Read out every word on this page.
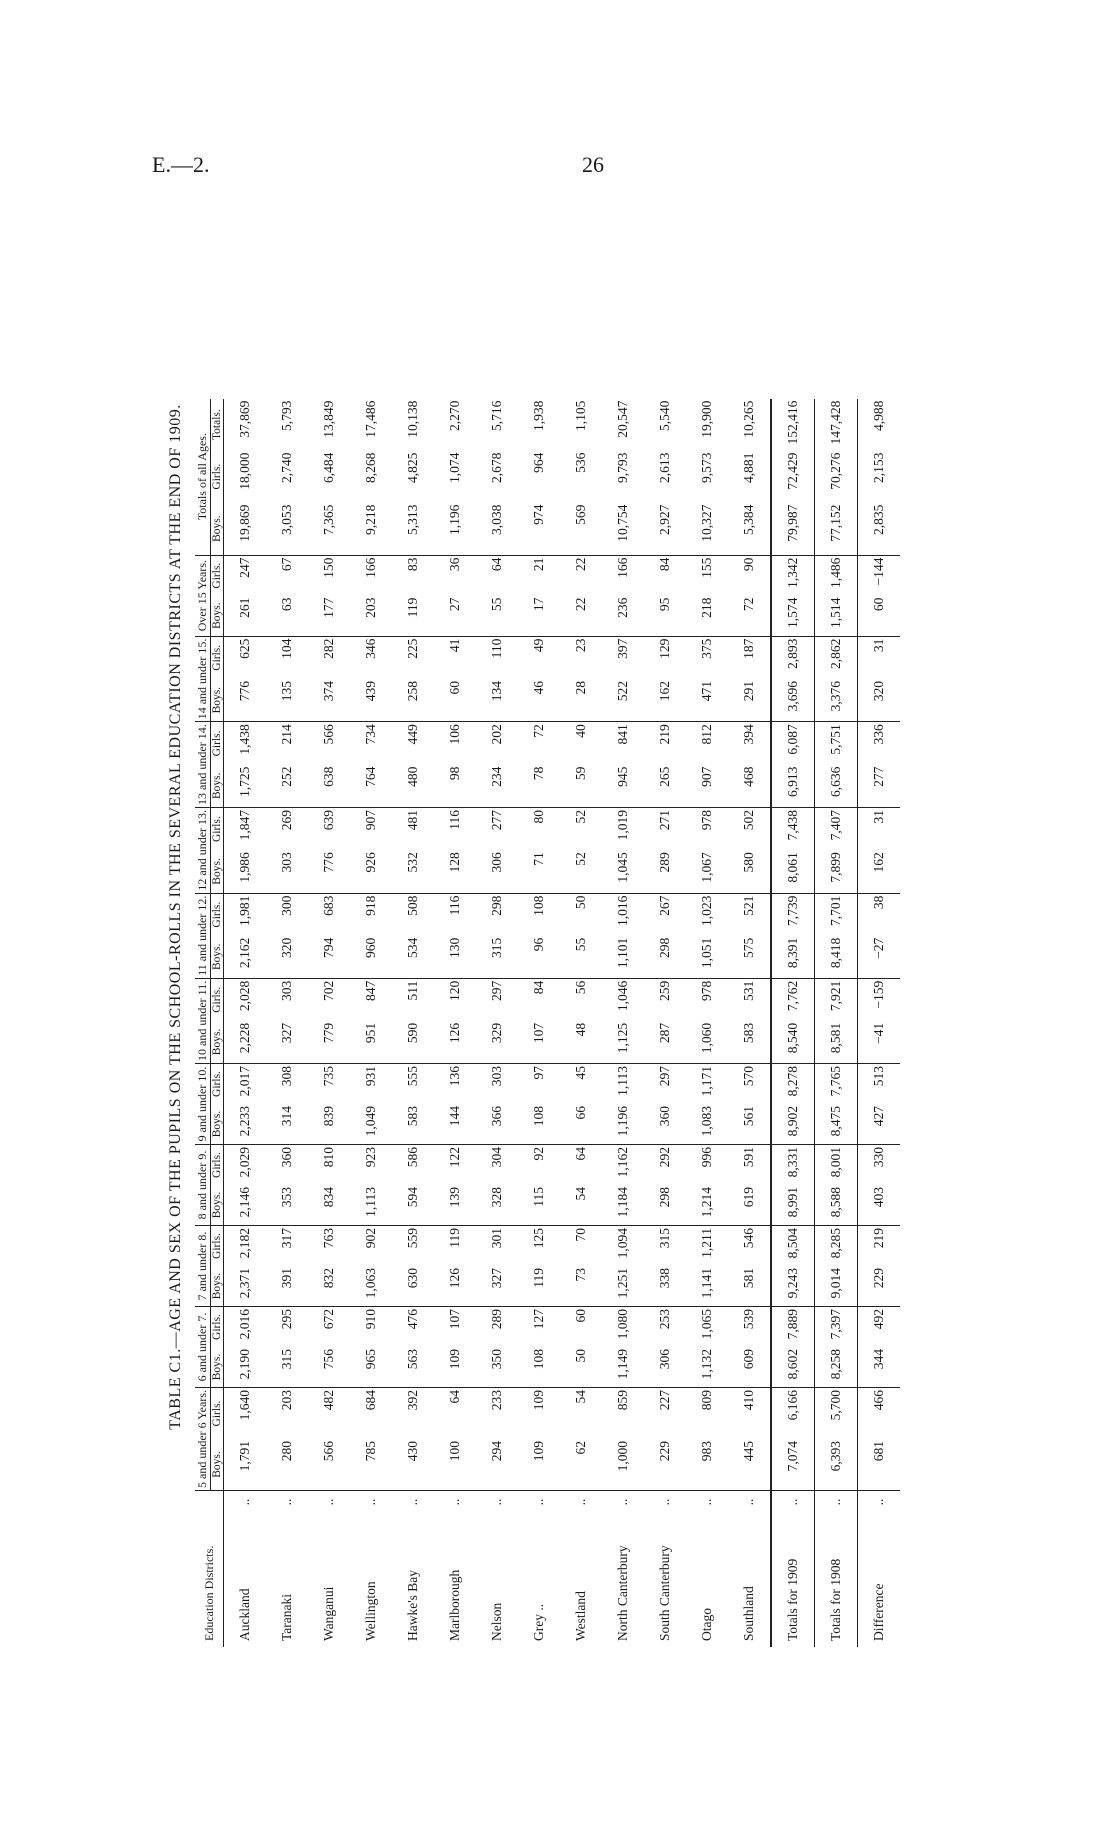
E.—2.	26
TABLE C1.—AGE AND SEX OF THE PUPILS ON THE SCHOOL-ROLLS IN THE SEVERAL EDUCATION DISTRICTS AT THE END OF 1909.
Education Districts.		5 and under 6 Years.		6 and under 7.		7 and under 8.		8 and under 9.		9 and under 10.		10 and under 11.		11 and under 12.		12 and under 13.		13 and under 14.		14 and under 15.		Over 15 Years.		Totals of all Ages.		
		Boys.	Girls.	Boys.	Girls.	Boys.	Girls.	Boys.	Girls.	Boys.	Girls.	Boys.	Girls.	Boys.	Girls.	Boys.	Girls.	Boys.	Girls.	Boys.	Girls.	Boys.	Girls.	Boys.	Girls.	Totals.
Auckland	..	1,791	1,640	2,190	2,016	2,371	2,182	2,146	2,029	2,233	2,017	2,228	2,028	2,162	1,981	1,986	1,847	1,725	1,438	776	625	261	247	19,869	18,000	37,869
Taranaki	..	280	203	315	295	391	317	353	360	314	308	327	303	320	300	303	269	252	214	135	104	63	67	3,053	2,740	5,793
Wanganui	..	566	482	756	672	832	763	834	810	839	735	779	702	794	683	776	639	638	566	374	282	177	150	7,365	6,484	13,849
Wellington	..	785	684	965	910	1,063	902	1,113	923	1,049	931	951	847	960	918	926	907	764	734	439	346	203	166	9,218	8,268	17,486
Hawke's Bay	..	430	392	563	476	630	559	594	586	583	555	590	511	534	508	532	481	480	449	258	225	119	83	5,313	4,825	10,138
Marlborough	..	100	64	109	107	126	119	139	122	144	136	126	120	130	116	128	116	98	106	60	41	27	36	1,196	1,074	2,270
Nelson	..	294	233	350	289	327	301	328	304	366	303	329	297	315	298	306	277	234	202	134	110	55	64	3,038	2,678	5,716
Grey ..	..	109	109	108	127	119	125	115	92	108	97	107	84	96	108	71	80	78	72	46	49	17	21	974	964	1,938
Westland	..	62	54	50	60	73	70	54	64	66	45	48	56	55	50	52	52	59	40	28	23	22	22	569	536	1,105
North Canterbury	..	1,000	859	1,149	1,080	1,251	1,094	1,184	1,162	1,196	1,113	1,125	1,046	1,101	1,016	1,045	1,019	945	841	522	397	236	166	10,754	9,793	20,547
South Canterbury	..	229	227	306	253	338	315	298	292	360	297	287	259	298	267	289	271	265	219	162	129	95	84	2,927	2,613	5,540
Otago	..	983	809	1,132	1,065	1,141	1,211	1,214	996	1,083	1,171	1,060	978	1,051	1,023	1,067	978	907	812	471	375	218	155	10,327	9,573	19,900
Southland	..	445	410	609	539	581	546	619	591	561	570	583	531	575	521	580	502	468	394	291	187	72	90	5,384	4,881	10,265
Totals for 1909	..	7,074	6,166	8,602	7,889	9,243	8,504	8,991	8,331	8,902	8,278	8,540	7,762	8,391	7,739	8,061	7,438	6,913	6,087	3,696	2,893	1,574	1,342	79,987	72,429	152,416
Totals for 1908	..	6,393	5,700	8,258	7,397	9,014	8,285	8,588	8,001	8,475	7,765	8,581	7,921	8,418	7,701	7,899	7,407	6,636	5,751	3,376	2,862	1,514	1,486	77,152	70,276	147,428
Difference	..	681	466	344	492	229	219	403	330	427	513	−41	−159	−27	38	162	31	277	336	320	31	60	−144	2,835	2,153	4,988
